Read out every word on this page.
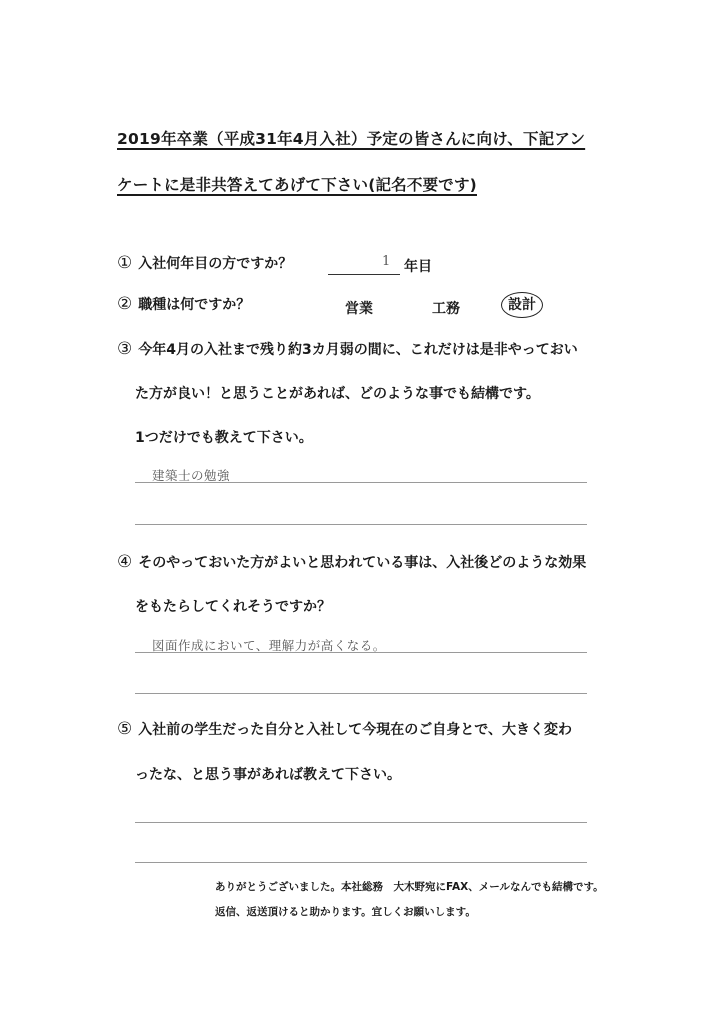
2019年卒業（平成31年4月入社）予定の皆さんに向け、下記アン
ケートに是非共答えてあげて下さい(記名不要です)
① 入社何年目の方ですか？	1 年目
② 職種は何ですか？	営業	工務	設計
③ 今年4月の入社まで残り約3カ月弱の間に、これだけは是非やっておい
た方が良い！と思うことがあれば、どのような事でも結構です。
1つだけでも教えて下さい。
建築士の勉強
④ そのやっておいた方がよいと思われている事は、入社後どのような効果
をもたらしてくれそうですか？
図面作成において、理解力が高くなる。
⑤ 入社前の学生だった自分と入社して今現在のご自身とで、大きく変わ
ったな、と思う事があれば教えて下さい。
ありがとうございました。本社総務　大木野宛にFAX、メールなんでも結構です。
返信、返送頂けると助かります。宜しくお願いします。
